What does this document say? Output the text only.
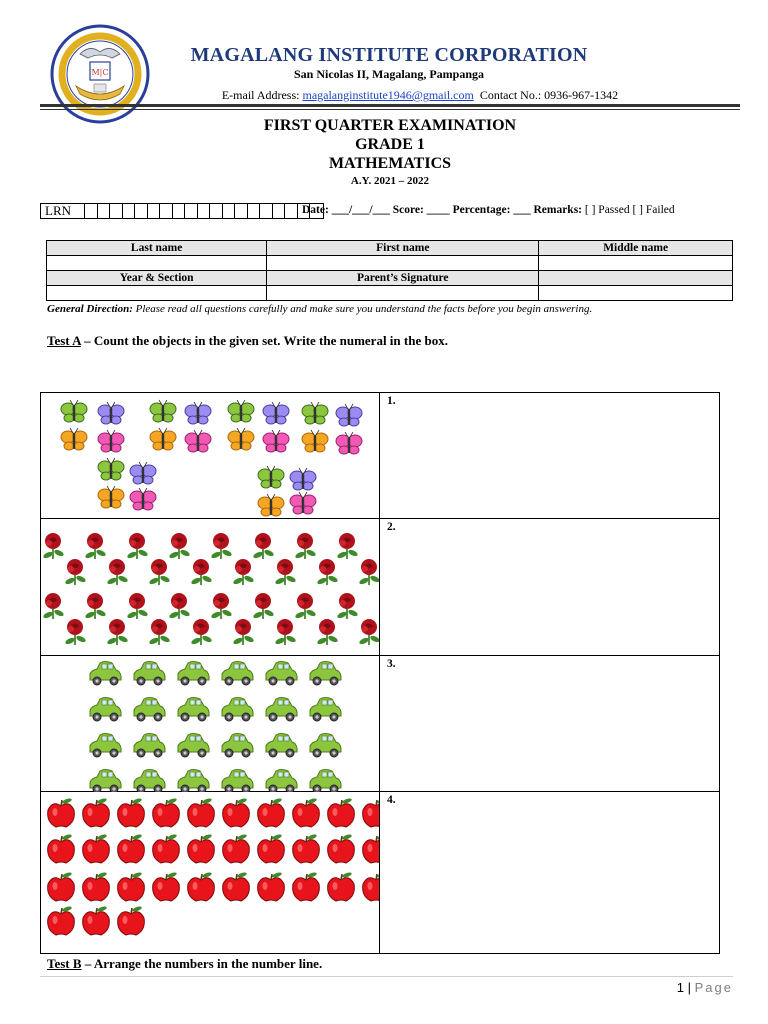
M|C
MAGALANG INSTITUTE CORPORATION
San Nicolas II, Magalang, Pampanga
E-mail Address: magalanginstitute1946@gmail.com  Contact No.: 0936-967-1342
FIRST QUARTER EXAMINATION
GRADE 1
MATHEMATICS
A.Y. 2021 – 2022
LRN	Date: ___/___/___ Score: ____ Percentage: ___ Remarks: [ ] Passed [ ] Failed
Last name	First name	Middle name

Year & Section	Parent’s Signature	

General Direction: Please read all questions carefully and make sure you understand the facts before you begin answering.
Test A – Count the objects in the given set. Write the numeral in the box.
1.
2.
3.
4.
Test B – Arrange the numbers in the number line.
1 | Page
